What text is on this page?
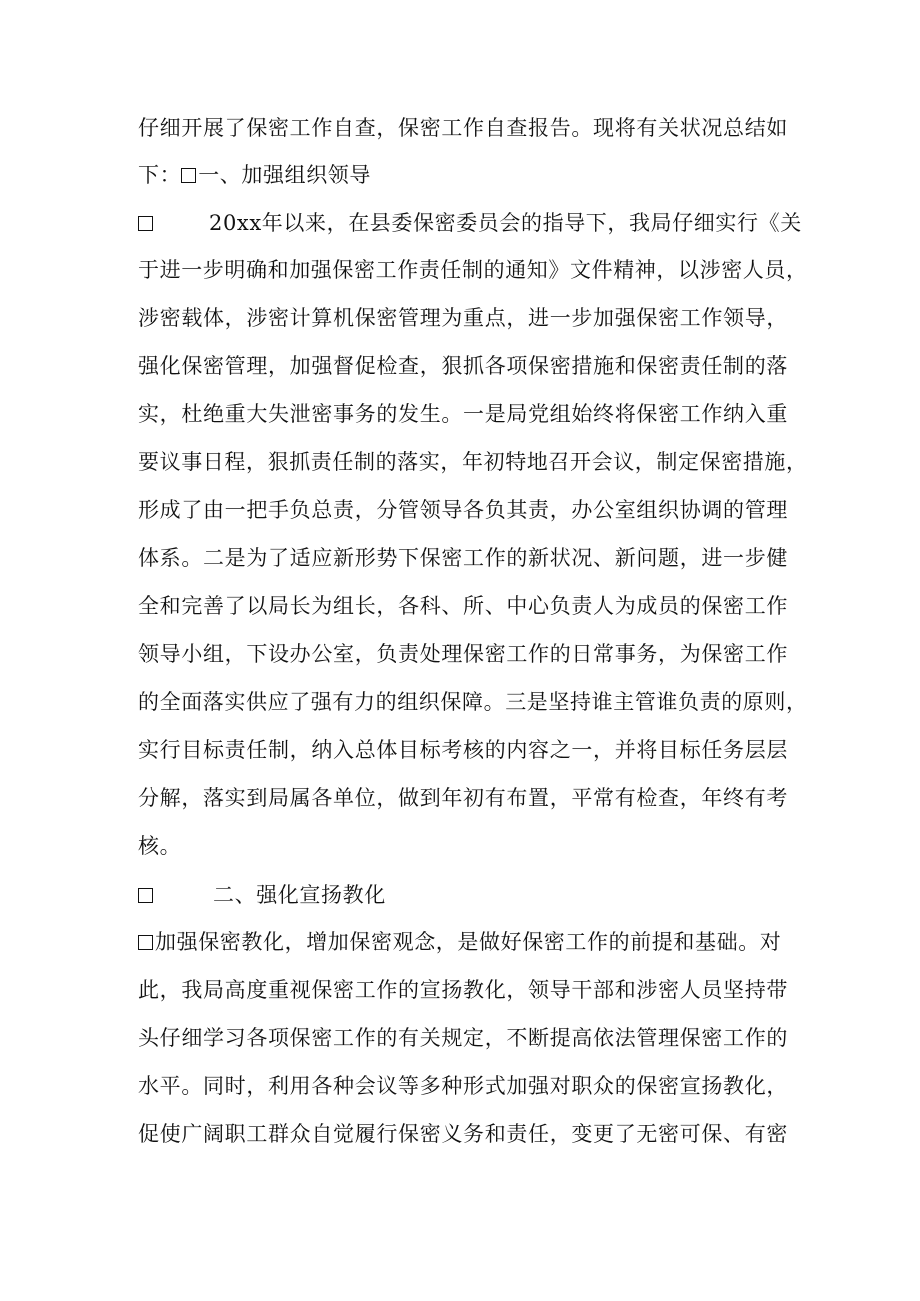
仔细开展了保密工作自查，保密工作自查报告。现将有关状况总结如
下： 一、加强组织领导
20xx年以来，在县委保密委员会的指导下，我局仔细实行《关
于进一步明确和加强保密工作责任制的通知》文件精神，以涉密人员，
涉密载体，涉密计算机保密管理为重点，进一步加强保密工作领导，
强化保密管理，加强督促检查，狠抓各项保密措施和保密责任制的落
实，杜绝重大失泄密事务的发生。一是局党组始终将保密工作纳入重
要议事日程，狠抓责任制的落实，年初特地召开会议，制定保密措施，
形成了由一把手负总责，分管领导各负其责，办公室组织协调的管理
体系。二是为了适应新形势下保密工作的新状况、新问题，进一步健
全和完善了以局长为组长，各科、所、中心负责人为成员的保密工作
领导小组，下设办公室，负责处理保密工作的日常事务，为保密工作
的全面落实供应了强有力的组织保障。三是坚持谁主管谁负责的原则，
实行目标责任制，纳入总体目标考核的内容之一，并将目标任务层层
分解，落实到局属各单位，做到年初有布置，平常有检查，年终有考
核。
二、强化宣扬教化
加强保密教化，增加保密观念，是做好保密工作的前提和基础。对
此，我局高度重视保密工作的宣扬教化，领导干部和涉密人员坚持带
头仔细学习各项保密工作的有关规定，不断提高依法管理保密工作的
水平。同时，利用各种会议等多种形式加强对职众的保密宣扬教化，
促使广阔职工群众自觉履行保密义务和责任，变更了无密可保、有密
